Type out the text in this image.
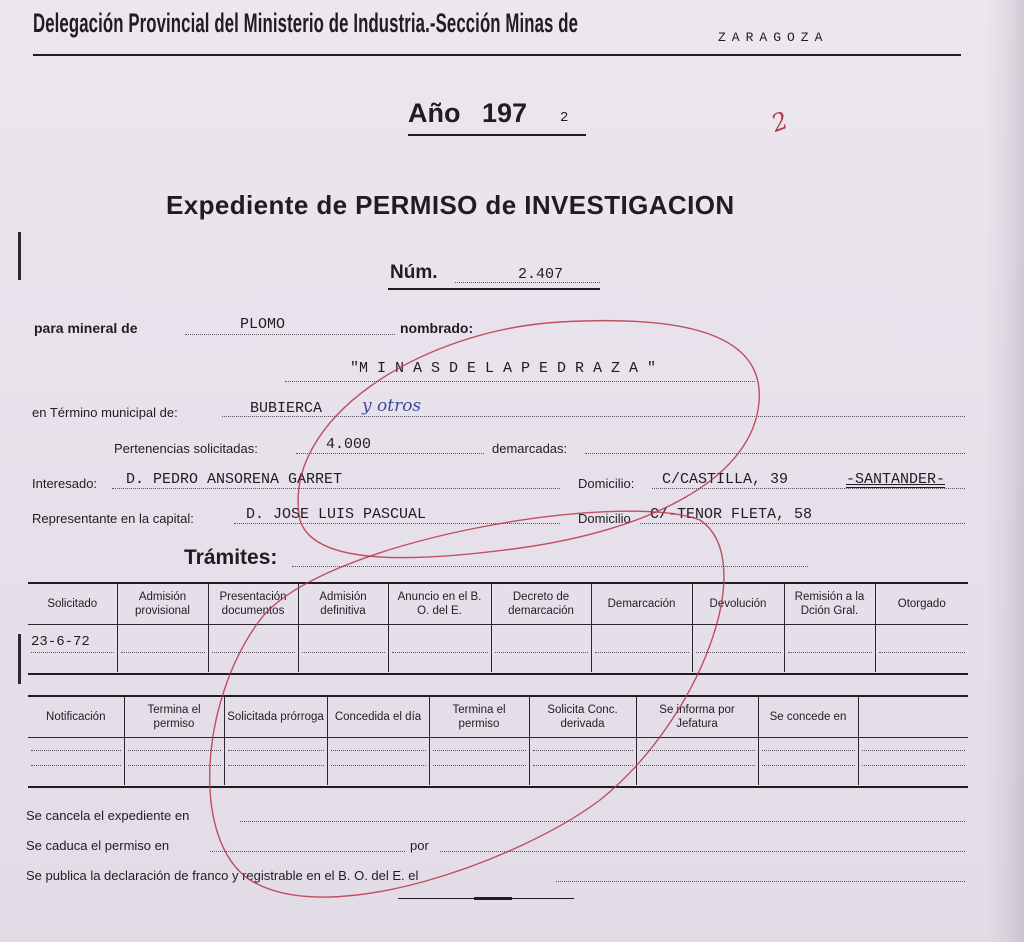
Delegación Provincial del Ministerio de Industria.-Sección Minas de	ZARAGOZA
Año 197 2	2
Expediente de PERMISO de INVESTIGACION
Núm.	2.407
para mineral de	PLOMO	nombrado:
"M I N A S D E L A P E D R A Z A "
en Término municipal de:	BUBIERCA y otros
Pertenencias solicitadas:	4.000	demarcadas:
Interesado: D. PEDRO ANSORENA GARRET	Domicilio: C/CASTILLA, 39	-SANTANDER-
Representante en la capital:	D. JOSE LUIS PASCUAL	Domicilio C/-TENOR FLETA, 58
Trámites:
Solicitado	Admisión provisional	Presentación documentos	Admisión definitiva	Anuncio en el B. O. del E.	Decreto de demarcación	Demarcación	Devolución	Remisión a la Dción Gral.	Otorgado

23-6-72									

Notificación	Termina el permiso	Solicitada prórroga	Concedida el día	Termina el permiso	Solicita Conc. derivada	Se informa por Jefatura	Se concede en	

Se cancela el expediente en
Se caduca el permiso en	por
Se publica la declaración de franco y registrable en el B. O. del E. el
